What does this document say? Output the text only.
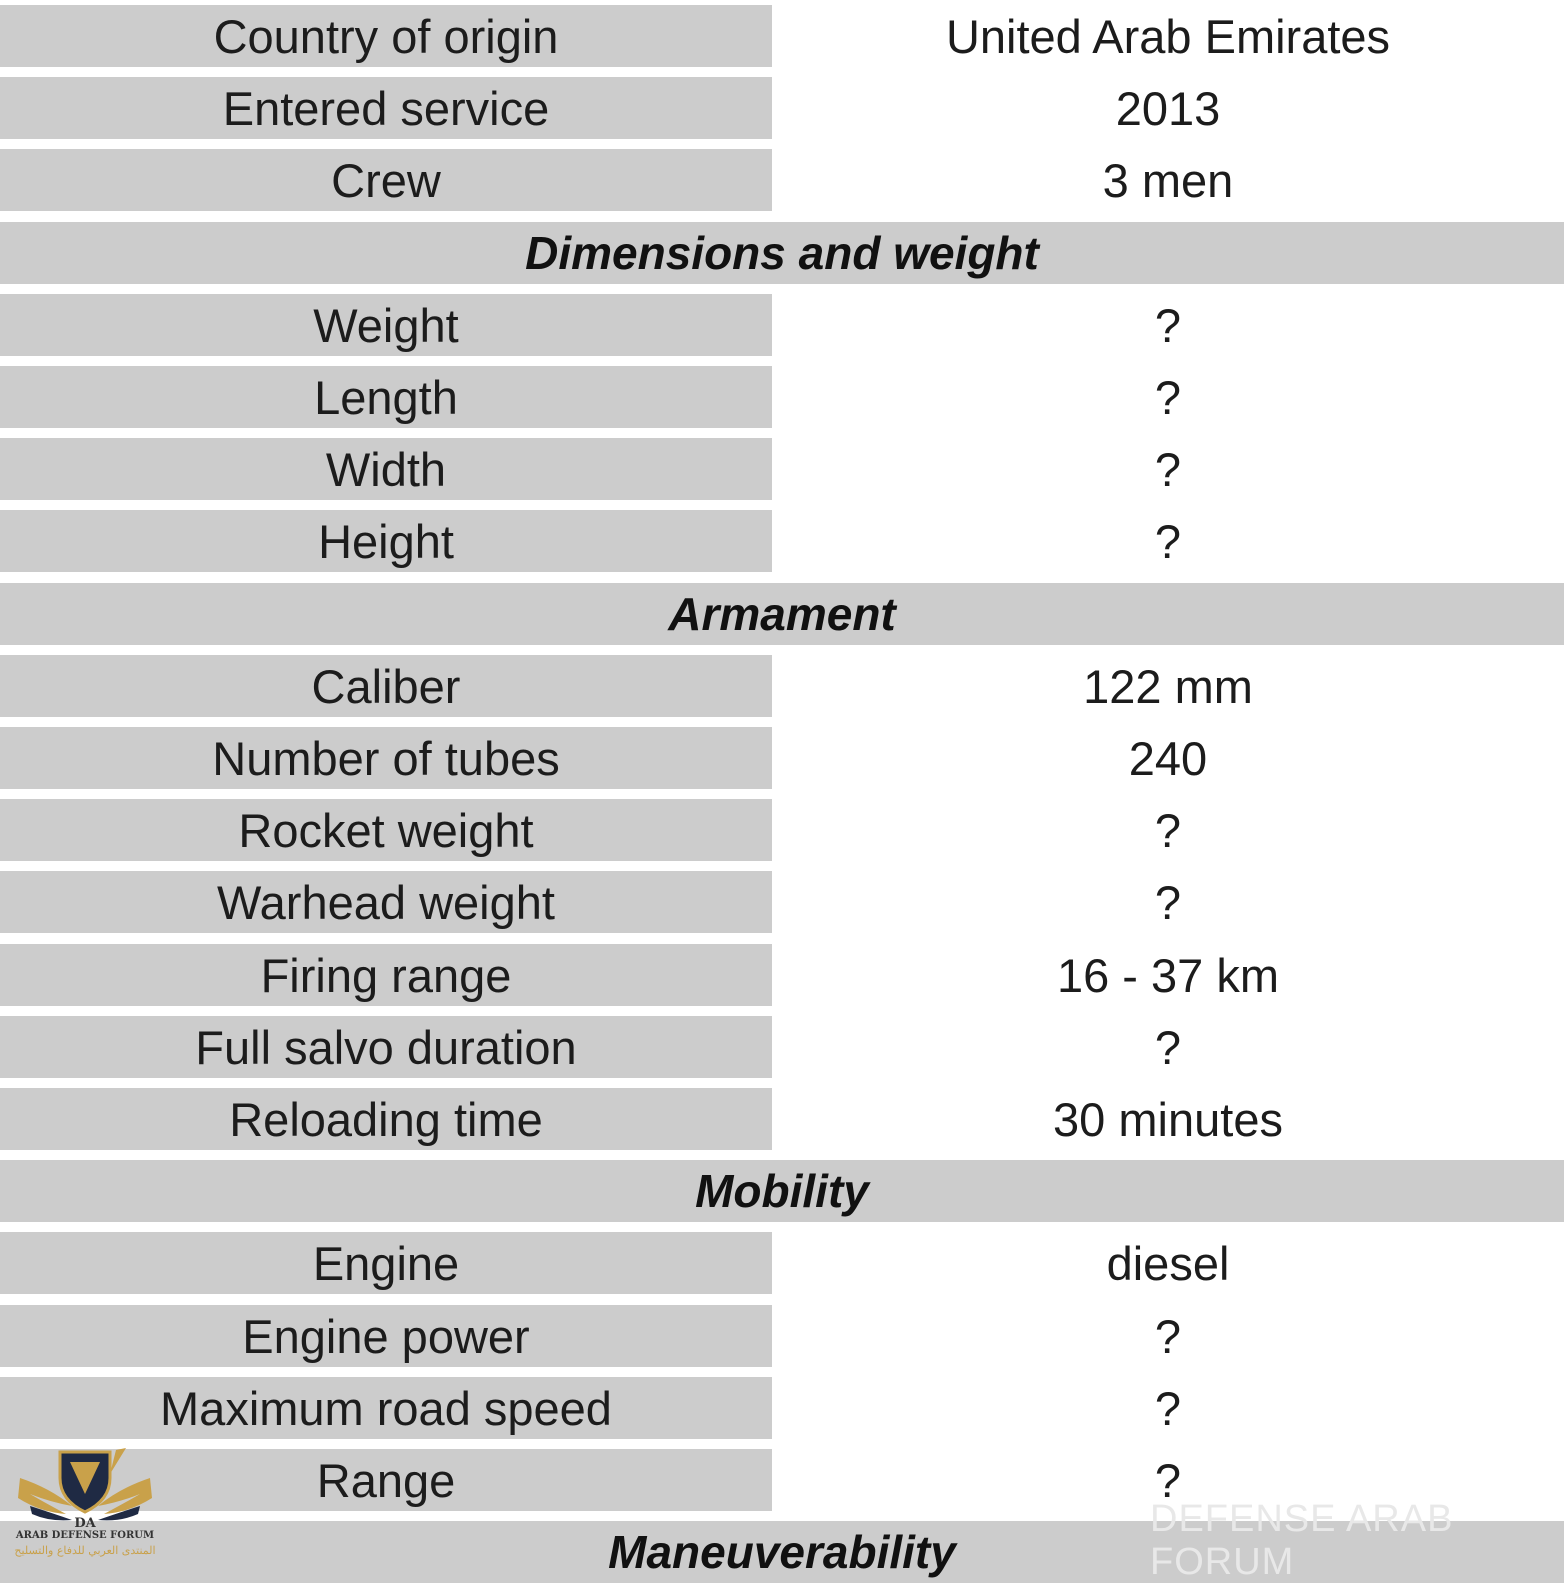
Country of origin	United Arab Emirates
Entered service	2013
Crew	3 men
Dimensions and weight
Weight	?
Length	?
Width	?
Height	?
Armament
Caliber	122 mm
Number of tubes	240
Rocket weight	?
Warhead weight	?
Firing range	16 - 37 km
Full salvo duration	?
Reloading time	30 minutes
Mobility
Engine	diesel
Engine power	?
Maximum road speed	?
Range	?
Maneuverability
DA
ARAB DEFENSE FORUM
المنتدى العربي للدفاع والتسليح
DEFENSE ARAB FORUM
